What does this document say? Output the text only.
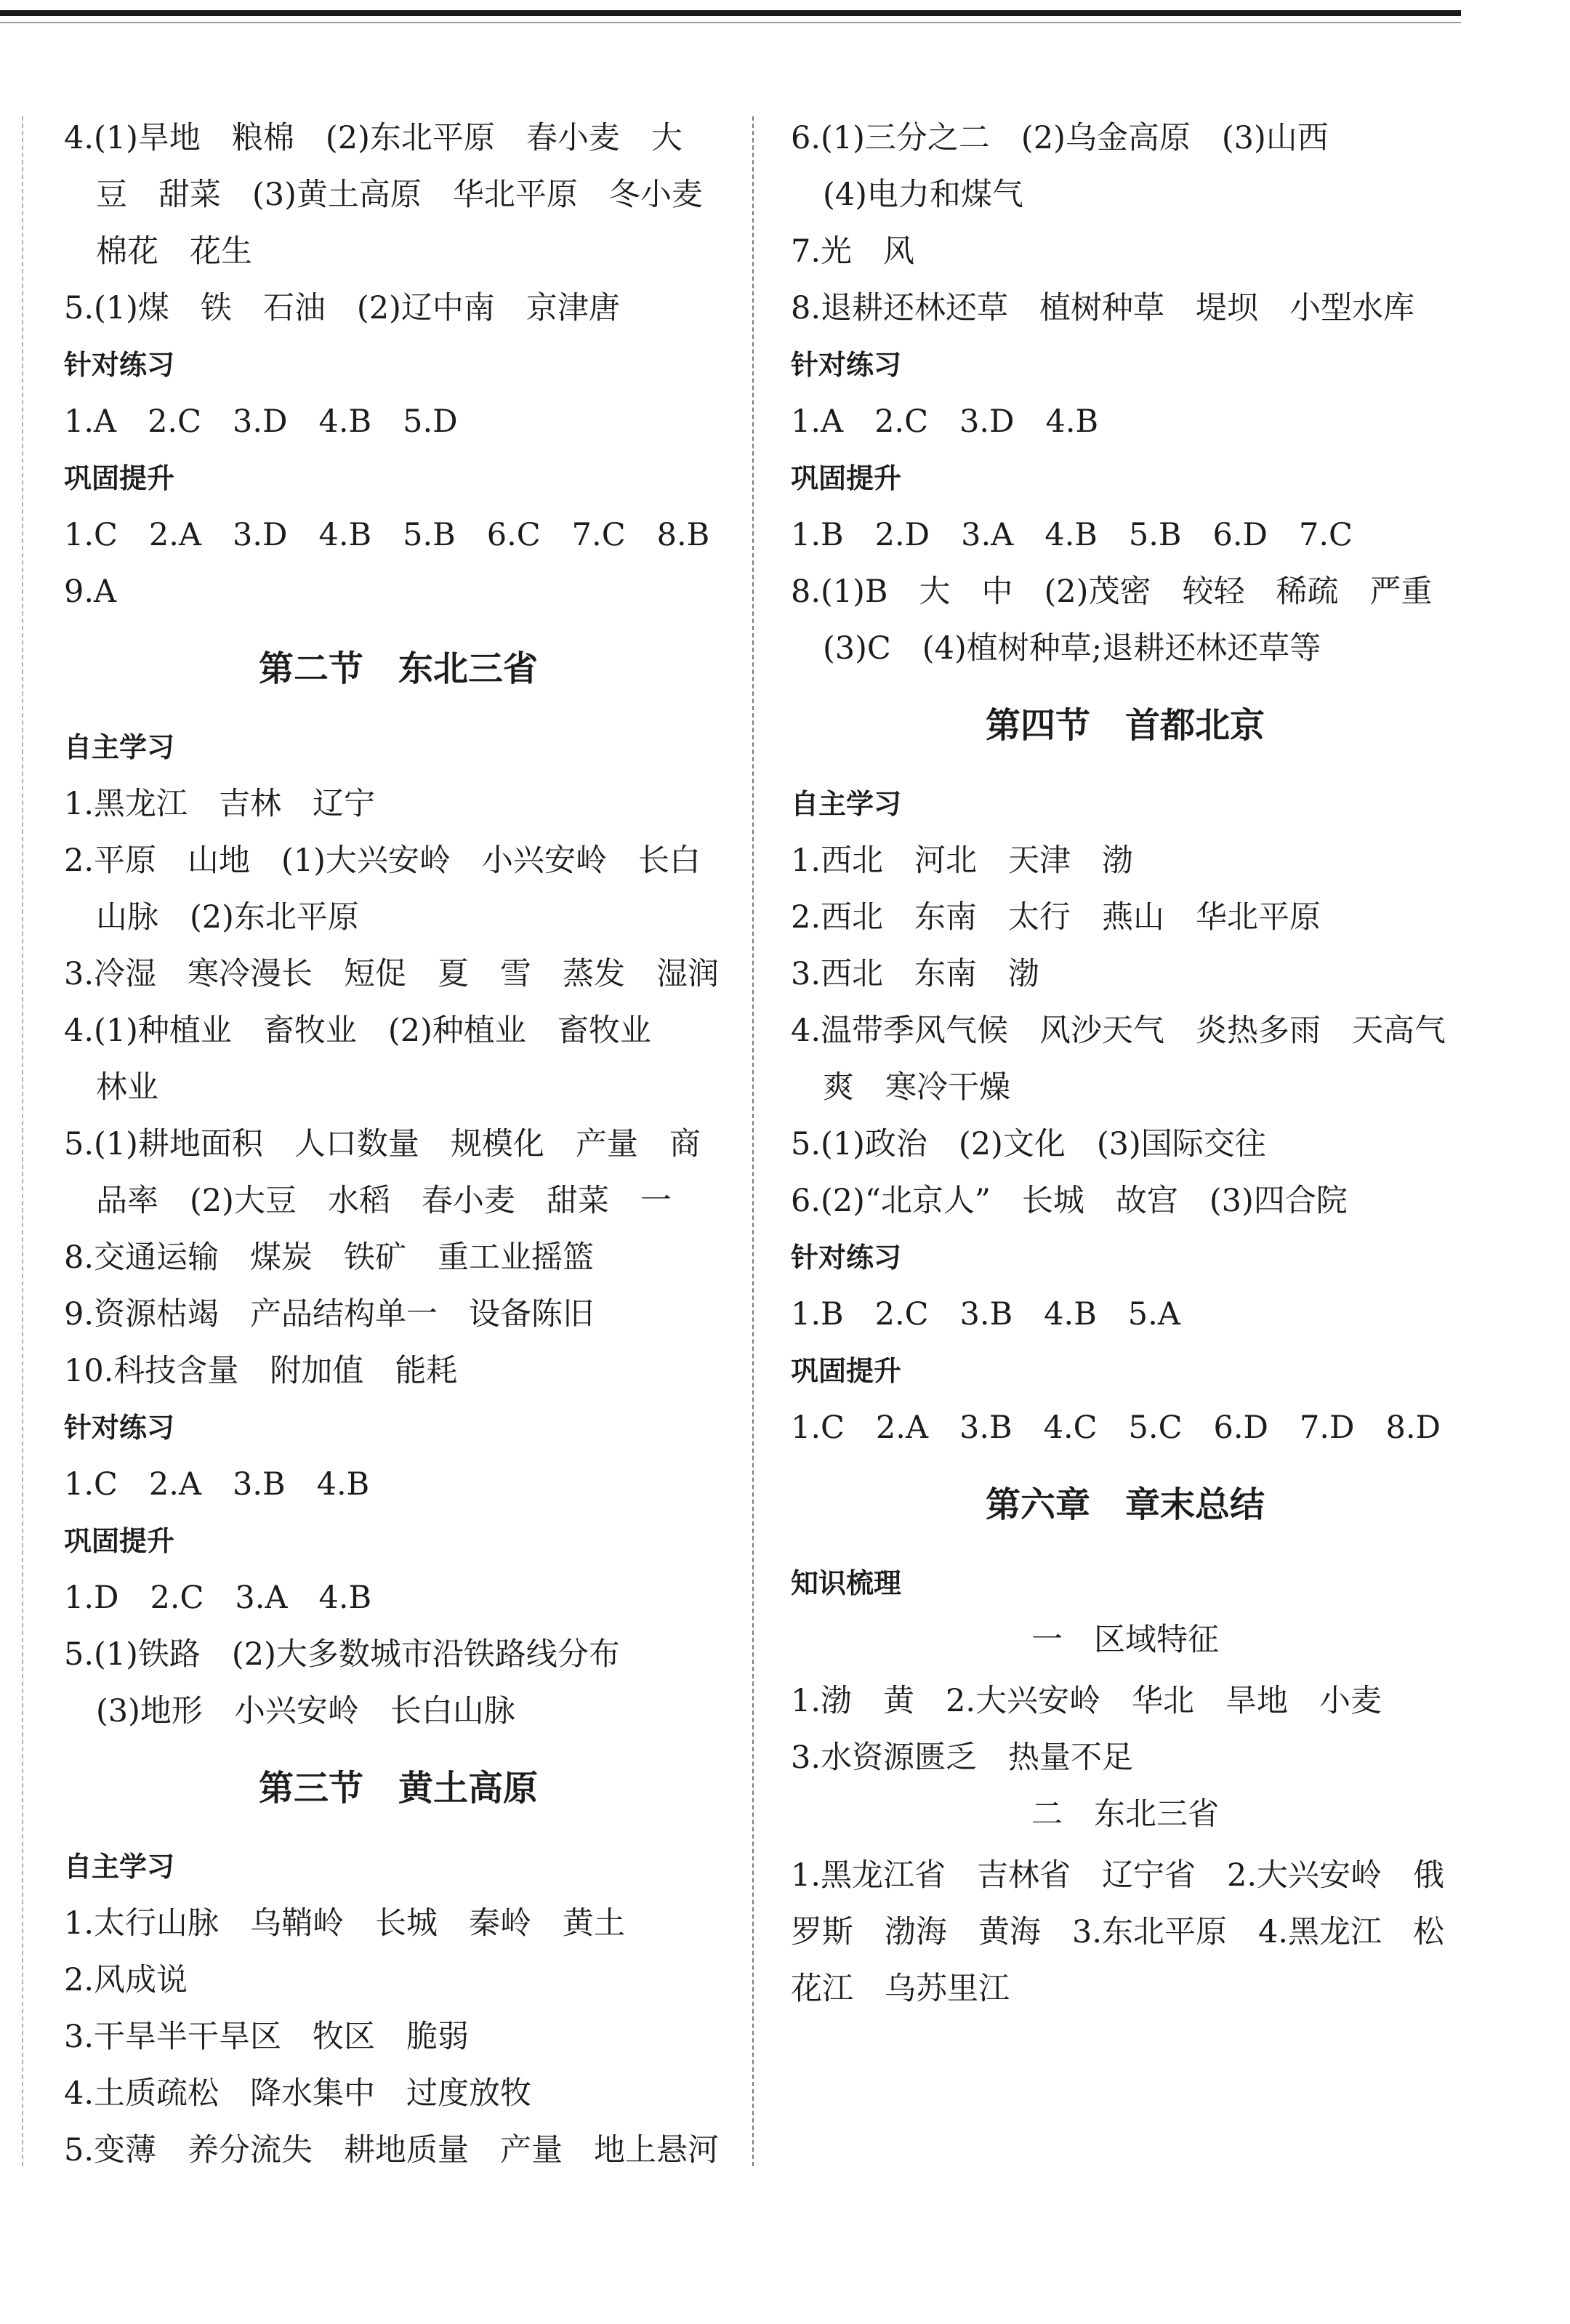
4.(1)旱地　粮棉　(2)东北平原　春小麦　大
豆　甜菜　(3)黄土高原　华北平原　冬小麦
棉花　花生
5.(1)煤　铁　石油　(2)辽中南　京津唐
针对练习
1.A　2.C　3.D　4.B　5.D
巩固提升
1.C　2.A　3.D　4.B　5.B　6.C　7.C　8.B
9.A
第二节　东北三省
自主学习
1.黑龙江　吉林　辽宁
2.平原　山地　(1)大兴安岭　小兴安岭　长白
山脉　(2)东北平原
3.冷湿　寒冷漫长　短促　夏　雪　蒸发　湿润
4.(1)种植业　畜牧业　(2)种植业　畜牧业
林业
5.(1)耕地面积　人口数量　规模化　产量　商
品率　(2)大豆　水稻　春小麦　甜菜　一
8.交通运输　煤炭　铁矿　重工业摇篮
9.资源枯竭　产品结构单一　设备陈旧
10.科技含量　附加值　能耗
针对练习
1.C　2.A　3.B　4.B
巩固提升
1.D　2.C　3.A　4.B
5.(1)铁路　(2)大多数城市沿铁路线分布
(3)地形　小兴安岭　长白山脉
第三节　黄土高原
自主学习
1.太行山脉　乌鞘岭　长城　秦岭　黄土
2.风成说
3.干旱半干旱区　牧区　脆弱
4.土质疏松　降水集中　过度放牧
5.变薄　养分流失　耕地质量　产量　地上悬河
6.(1)三分之二　(2)乌金高原　(3)山西
(4)电力和煤气
7.光　风
8.退耕还林还草　植树种草　堤坝　小型水库
针对练习
1.A　2.C　3.D　4.B
巩固提升
1.B　2.D　3.A　4.B　5.B　6.D　7.C
8.(1)B　大　中　(2)茂密　较轻　稀疏　严重
(3)C　(4)植树种草;退耕还林还草等
第四节　首都北京
自主学习
1.西北　河北　天津　渤
2.西北　东南　太行　燕山　华北平原
3.西北　东南　渤
4.温带季风气候　风沙天气　炎热多雨　天高气
爽　寒冷干燥
5.(1)政治　(2)文化　(3)国际交往
6.(2)“北京人”　长城　故宫　(3)四合院
针对练习
1.B　2.C　3.B　4.B　5.A
巩固提升
1.C　2.A　3.B　4.C　5.C　6.D　7.D　8.D
第六章　章末总结
知识梳理
一　区域特征
1.渤　黄　2.大兴安岭　华北　旱地　小麦
3.水资源匮乏　热量不足
二　东北三省
1.黑龙江省　吉林省　辽宁省　2.大兴安岭　俄
罗斯　渤海　黄海　3.东北平原　4.黑龙江　松
花江　乌苏里江
